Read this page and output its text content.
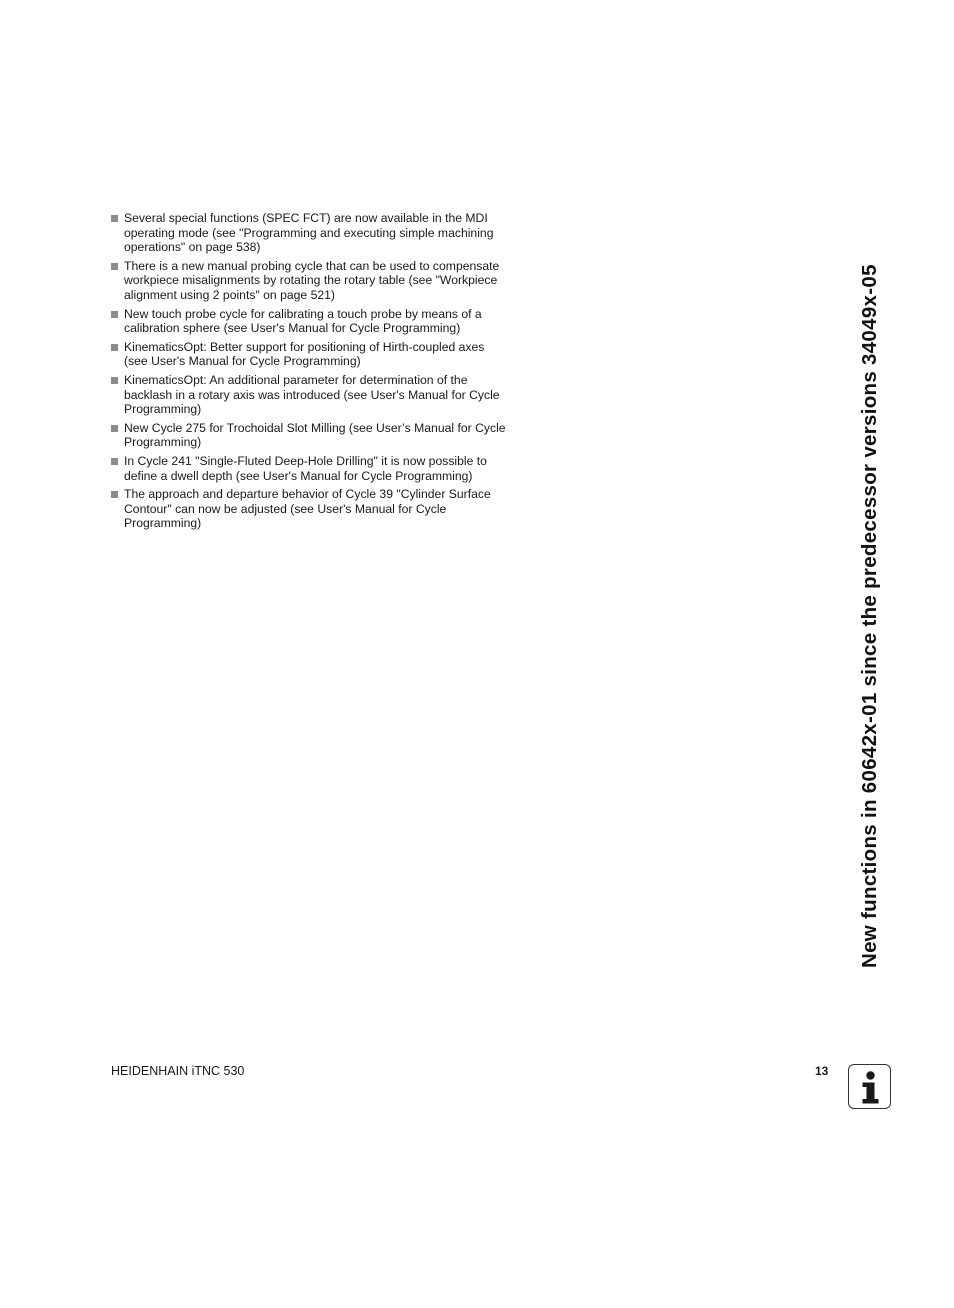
Several special functions (SPEC FCT) are now available in the MDI operating mode (see "Programming and executing simple machining operations" on page 538)
There is a new manual probing cycle that can be used to compensate workpiece misalignments by rotating the rotary table (see "Workpiece alignment using 2 points" on page 521)
New touch probe cycle for calibrating a touch probe by means of a calibration sphere (see User's Manual for Cycle Programming)
KinematicsOpt: Better support for positioning of Hirth-coupled axes (see User's Manual for Cycle Programming)
KinematicsOpt: An additional parameter for determination of the backlash in a rotary axis was introduced (see User's Manual for Cycle Programming)
New Cycle 275 for Trochoidal Slot Milling (see User’s Manual for Cycle Programming)
In Cycle 241 "Single-Fluted Deep-Hole Drilling" it is now possible to define a dwell depth (see User's Manual for Cycle Programming)
The approach and departure behavior of Cycle 39 "Cylinder Surface Contour" can now be adjusted (see User's Manual for Cycle Programming)	New functions in 60642x-01 since the predecessor versions 34049x-05
HEIDENHAIN iTNC 530	13
